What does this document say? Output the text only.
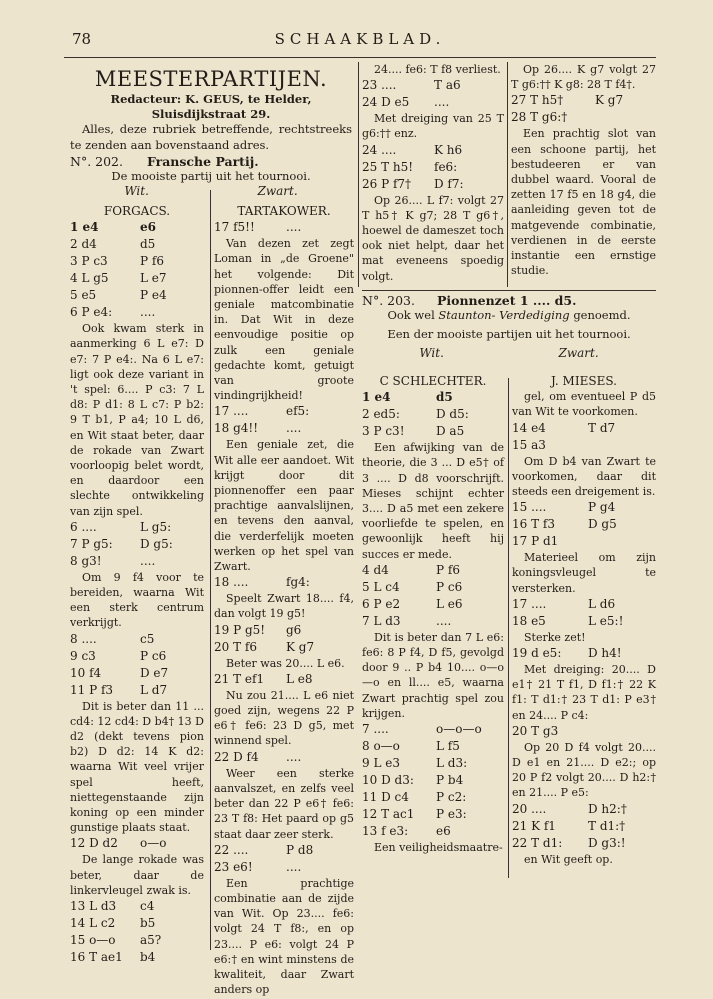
78	SCHAAKBLAD.
MEESTERPARTIJEN.
Redacteur: K. GEUS, te Helder,
Sluisdijkstraat 29.

Alles, deze rubriek betreffende, rechtstreeks te zenden aan bovenstaand adres.

N°. 202. Fransche Partij.
De mooiste partij uit het tournooi.
Wit.	Zwart.
FORGACS.
1 e4	e6
2 d4	d5
3 P c3	P f6
4 L g5	L e7
5 e5	P e4
6 P e4:	....

Ook kwam sterk in aanmerking 6 L e7: D e7: 7 P e4:. Na 6 L e7: ligt ook deze variant in 't spel: 6.... P c3: 7 L d8: P d1: 8 L c7: P b2: 9 T b1, P a4; 10 L d6, en Wit staat beter, daar de rokade van Zwart voorloopig belet wordt, en daardoor een slechte ontwikkeling van zijn spel.

6 ....	L g5:
7 P g5:	D g5:
8 g3!	....

Om 9 f4 voor te bereiden, waarna Wit een sterk centrum verkrijgt.

8 ....	c5
9 c3	P c6
10 f4	D e7
11 P f3	L d7

Dit is beter dan 11 ... cd4: 12 cd4: D b4† 13 D d2 (dekt tevens pion b2) D d2: 14 K d2: waarna Wit veel vrijer spel heeft, niettegenstaande zijn koning op een minder gunstige plaats staat.

12 D d2	o—o

De lange rokade was beter, daar de linkervleugel zwak is.

13 L d3	c4
14 L c2	b5
15 o—o	a5?
16 T ae1	b4
TARTAKOWER.
17 f5!!	....

Van dezen zet zegt Loman in „de Groene" het volgende: Dit pionnen-offer leidt een geniale matcombinatie in. Dat Wit in deze eenvoudige positie op zulk een geniale gedachte komt, getuigt van groote vindingrijkheid!

17 ....	ef5:
18 g4!!	....

Een geniale zet, die Wit alle eer aandoet. Wit krijgt door dit pionnenoffer een paar prachtige aanvalslijnen, en tevens den aanval, die verderfelijk moeten werken op het spel van Zwart.

18 ....	fg4:

Speelt Zwart 18.... f4, dan volgt 19 g5!

19 P g5!	g6
20 T f6	K g7

Beter was 20.... L e6.

21 T ef1	L e8

Nu zou 21.... L e6 niet goed zijn, wegens 22 P e6† fe6: 23 D g5, met winnend spel.

22 D f4	....

Weer een sterke aanvalszet, en zelfs veel beter dan 22 P e6† fe6: 23 T f8: Het paard op g5 staat daar zeer sterk.

22 ....	P d8
23 e6!	....

Een prachtige combinatie aan de zijde van Wit. Op 23.... fe6: volgt 24 T f8:, en op 23.... P e6: volgt 24 P e6:† en wint minstens de kwaliteit, daar Zwart anders op

24.... fe6: T f8 verliest.

23 ....	T a6
24 D e5	....

Met dreiging van 25 T g6:†† enz.

24 ....	K h6
25 T h5!	fe6:
26 P f7†	D f7:

Op 26.... L f7: volgt 27 T h5† K g7; 28 T g6†, hoewel de dameszet toch ook niet helpt, daar het mat eveneens spoedig volgt.

Op 26.... K g7 volgt 27 T g6:†† K g8: 28 T f4†.

27 T h5†	K g7
28 T g6:†

Een prachtig slot van een schoone partij, het bestudeeren er van dubbel waard. Vooral de zetten 17 f5 en 18 g4, die aanleiding geven tot de matgevende combinatie, verdienen in de eerste instantie een ernstige studie.

N°. 203. Pionnenzet 1 .... d5.
Ook wel Staunton- Verdediging genoemd.
Een der mooiste partijen uit het tournooi.
Wit.	Zwart.
C SCHLECHTER.
1 e4	d5
2 ed5:	D d5:
3 P c3!	D a5

Een afwijking van de theorie, die 3 ... D e5† of 3 .... D d8 voorschrijft. Mieses schijnt echter 3.... D a5 met een zekere voorliefde te spelen, en gewoonlijk heeft hij succes er mede.

4 d4	P f6
5 L c4	P c6
6 P e2	L e6
7 L d3	....

Dit is beter dan 7 L e6: fe6: 8 P f4, D f5, gevolgd door 9 .. P b4 10.... o—o—o en ll.... e5, waarna Zwart prachtig spel zou krijgen.

7 ....	o—o—o
8 o—o	L f5
9 L e3	L d3:
10 D d3:	P b4
11 D c4	P c2:
12 T ac1	P e3:
13 f e3:	e6

Een veiligheidsmaatre-

J. MIESES.

gel, om eventueel P d5 van Wit te voorkomen.

14 e4	T d7
15 a3

Om D b4 van Zwart te voorkomen, daar dit steeds een dreigement is.

15 ....	P g4
16 T f3	D g5
17 P d1

Materieel om zijn koningsvleugel te versterken.

17 ....	L d6
18 e5	L e5:!

Sterke zet!

19 d e5:	D h4!

Met dreiging: 20.... D e1† 21 T f1, D f1:† 22 K f1: T d1:† 23 T d1: P e3† en 24.... P c4:

20 T g3

Op 20 D f4 volgt 20.... D e1 en 21.... D e2:; op 20 P f2 volgt 20.... D h2:† en 21.... P e5:

20 ....	D h2:†
21 K f1	T d1:†
22 T d1:	D g3:!

en Wit geeft op.
